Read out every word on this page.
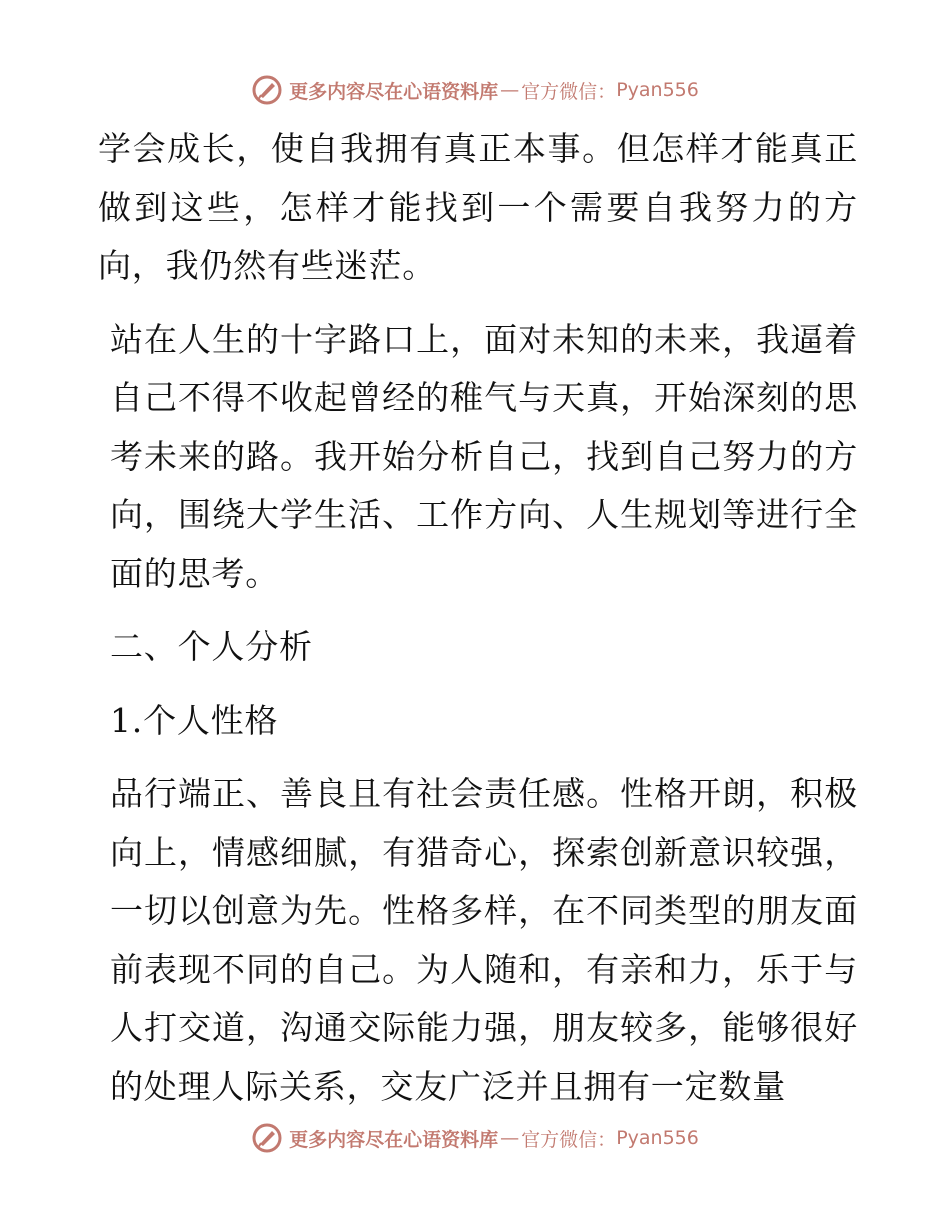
更多内容尽在心语资料库 — 官方微信： Pyan556

学会成长，使自我拥有真正本事。但怎样才能真正做到这些，怎样才能找到一个需要自我努力的方向，我仍然有些迷茫。

站在人生的十字路口上，面对未知的未来，我逼着自己不得不收起曾经的稚气与天真，开始深刻的思考未来的路。我开始分析自己，找到自己努力的方向，围绕大学生活、工作方向、人生规划等进行全面的思考。

二、个人分析

1.个人性格

品行端正、善良且有社会责任感。性格开朗，积极向上，情感细腻，有猎奇心，探索创新意识较强，一切以创意为先。性格多样，在不同类型的朋友面前表现不同的自己。为人随和，有亲和力，乐于与人打交道，沟通交际能力强，朋友较多，能够很好的处理人际关系，交友广泛并且拥有一定数量

更多内容尽在心语资料库 — 官方微信： Pyan556
